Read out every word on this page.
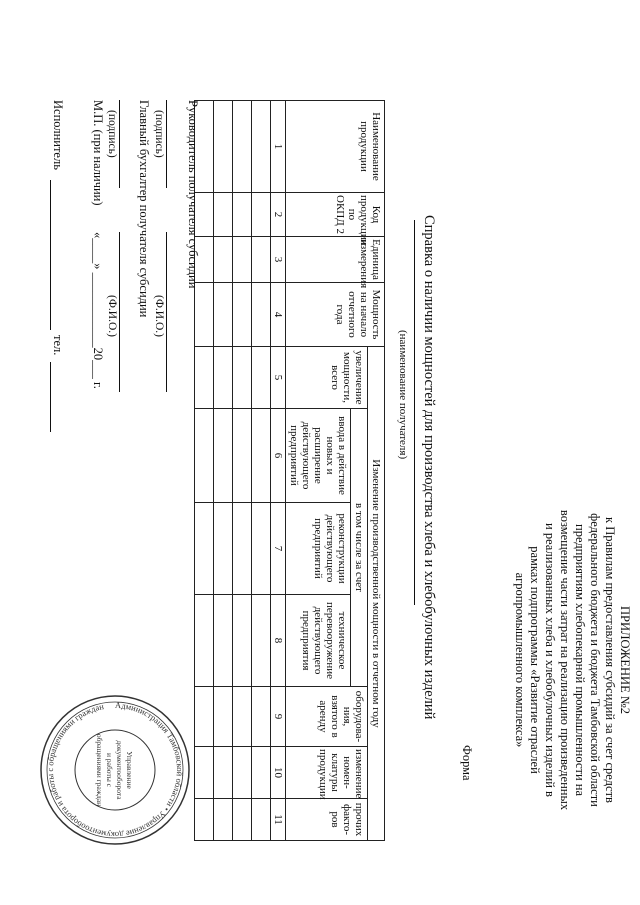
ПРИЛОЖЕНИЕ №2
к Правилам предоставления субсидий за счет средств
федерального бюджета и бюджета Тамбовской области
предприятиям хлебопекарной промышленности на
возмещение части затрат на реализацию произведенных
и реализованных хлеба и хлебобулочных изделий в
рамках подпрограммы «Развитие отраслей
агропромышленного комплекса»
Форма
Справка о наличии мощностей для производства хлеба и хлебобулочных изделий
(наименование получателя)
Наименование продукции	Код продукции по ОКПД 2	Единица измерения	Мощность на начало отчетного года	Изменение производственной мощности в отчетном году						
				увеличение мощности, всего	в том числе за счет			оборудова-ния, взятого в аренду	изменение номен-клатуры продукции	прочих факто-ров
					ввода в действие новых и расширение действующего предприятий	реконструкции действующего предприятий	техническое перевооружение действующего предприятия			
1	2	3	4	5	6	7	8	9	10	11

Руководитель получателя субсидии
(подпись)
(Ф.И.О.)
Главный бухгалтер получателя субсидии
(подпись)
(Ф.И.О.)
М.П. (при наличии)
«____» ____________20___ г.
Исполнитель
тел.
Администрация Тамбовской области • Управление документооборота и работы с обращениями граждан
Управление
документооборота
и работы с
обращениями граждан
